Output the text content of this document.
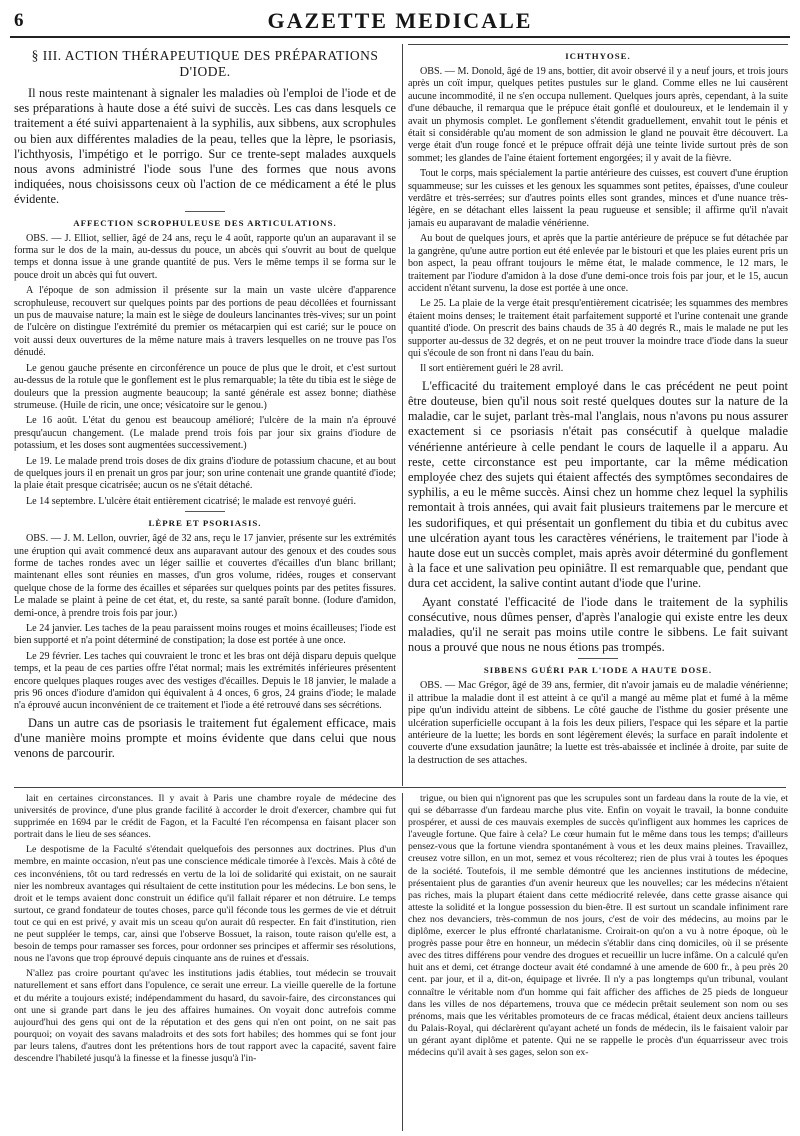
6	GAZETTE MEDICALE
§ III. ACTION THÉRAPEUTIQUE DES PRÉPARATIONS D'IODE.

Il nous reste maintenant à signaler les maladies où l'emploi de l'iode et de ses préparations à haute dose a été suivi de succès. Les cas dans lesquels ce traitement a été suivi appartenaient à la syphilis, aux sibbens, aux scrophules ou bien aux différentes maladies de la peau, telles que la lèpre, le psoriasis, l'ichthyosis, l'impétigo et le porrigo. Sur ce trente-sept malades auxquels nous avons administré l'iode sous l'une des formes que nous avons indiquées, nous choisissons ceux où l'action de ce médicament a été le plus évidente.

AFFECTION SCROPHULEUSE DES ARTICULATIONS.

OBS. — J. Elliot, sellier, âgé de 24 ans, reçu le 4 août, rapporte qu'un an auparavant il se forma sur le dos de la main, au-dessus du pouce, un abcès qui s'ouvrit au bout de quelque temps et donna issue à une grande quantité de pus. Vers le même temps il se forma sur le pouce droit un abcès qui fut ouvert.

A l'époque de son admission il présente sur la main un vaste ulcère d'apparence scrophuleuse, recouvert sur quelques points par des portions de peau décollées et fournissant un pus de mauvaise nature; la main est le siège de douleurs lancinantes très-vives; sur un point de l'ulcère on distingue l'extrémité du premier os métacarpien qui est carié; sur le pouce on voit aussi deux ouvertures de la même nature mais à travers lesquelles on ne trouve pas l'os dénudé.

Le genou gauche présente en circonférence un pouce de plus que le droit, et c'est surtout au-dessus de la rotule que le gonflement est le plus remarquable; la tête du tibia est le siège de douleurs que la pression augmente beaucoup; la santé générale est assez bonne; diathèse strumeuse. (Huile de ricin, une once; vésicatoire sur le genou.)

Le 16 août. L'état du genou est beaucoup amélioré; l'ulcère de la main n'a éprouvé presqu'aucun changement. (Le malade prend trois fois par jour six grains d'iodure de potassium, et les doses sont augmentées successivement.)

Le 19. Le malade prend trois doses de dix grains d'iodure de potassium chacune, et au bout de quelques jours il en prenait un gros par jour; son urine contenait une grande quantité d'iode; la plaie était presque cicatrisée; aucun os ne s'était détaché.

Le 14 septembre. L'ulcère était entièrement cicatrisé; le malade est renvoyé guéri.

LÈPRE ET PSORIASIS.

OBS. — J. M. Lellon, ouvrier, âgé de 32 ans, reçu le 17 janvier, présente sur les extrémités une éruption qui avait commencé deux ans auparavant autour des genoux et des coudes sous forme de taches rondes avec un léger saillie et couvertes d'écailles d'un blanc brillant; maintenant elles sont réunies en masses, d'un gros volume, ridées, rouges et conservant quelque chose de la forme des écailles et séparées sur quelques points par des petites fissures. Le malade se plaint à peine de cet état, et, du reste, sa santé paraît bonne. (Iodure d'amidon, demi-once, à prendre trois fois par jour.)

Le 24 janvier. Les taches de la peau paraissent moins rouges et moins écailleuses; l'iode est bien supporté et n'a point déterminé de constipation; la dose est portée à une once.

Le 29 février. Les taches qui couvraient le tronc et les bras ont déjà disparu depuis quelque temps, et la peau de ces parties offre l'état normal; mais les extrémités inférieures présentent encore quelques plaques rouges avec des vestiges d'écailles. Depuis le 18 janvier, le malade a pris 96 onces d'iodure d'amidon qui équivalent à 4 onces, 6 gros, 24 grains d'iode; le malade n'a éprouvé aucun inconvénient de ce traitement et l'iode a été retrouvé dans ses sécrétions.

Dans un autre cas de psoriasis le traitement fut également efficace, mais d'une manière moins prompte et moins évidente que dans celui que nous venons de parcourir.

ICHTHYOSE.

OBS. — M. Donold, âgé de 19 ans, bottier, dit avoir observé il y a neuf jours, et trois jours après un coït impur, quelques petites pustules sur le gland. Comme elles ne lui causèrent aucune incommodité, il ne s'en occupa nullement. Quelques jours après, cependant, à la suite d'une débauche, il remarqua que le prépuce était gonflé et douloureux, et le lendemain il y avait un phymosis complet. Le gonflement s'étendit graduellement, envahit tout le pénis et était si considérable qu'au moment de son admission le gland ne pouvait être découvert. La verge était d'un rouge foncé et le prépuce offrait déjà une teinte livide surtout près de son sommet; les glandes de l'aine étaient fortement engorgées; il y avait de la fièvre.

Tout le corps, mais spécialement la partie antérieure des cuisses, est couvert d'une éruption squammeuse; sur les cuisses et les genoux les squammes sont petites, épaisses, d'une couleur verdâtre et très-serrées; sur d'autres points elles sont grandes, minces et d'une nuance très-légère, en se détachant elles laissent la peau rugueuse et sensible; il affirme qu'il n'avait jamais eu auparavant de maladie vénérienne.

Au bout de quelques jours, et après que la partie antérieure de prépuce se fut détachée par la gangrène, qu'une autre portion eut été enlevée par le bistouri et que les plaies eurent pris un bon aspect, la peau offrant toujours le même état, le malade commence, le 12 mars, le traitement par l'iodure d'amidon à la dose d'une demi-once trois fois par jour, et le 15, aucun accident n'étant survenu, la dose est portée à une once.

Le 25. La plaie de la verge était presqu'entièrement cicatrisée; les squammes des membres étaient moins denses; le traitement était parfaitement supporté et l'urine contenait une grande quantité d'iode. On prescrit des bains chauds de 35 à 40 degrés R., mais le malade ne put les supporter au-dessus de 32 degrés, et on ne peut trouver la moindre trace d'iode dans la sueur qui s'écoule de son front ni dans l'eau du bain.

Il sort entièrement guéri le 28 avril.

L'efficacité du traitement employé dans le cas précédent ne peut point être douteuse, bien qu'il nous soit resté quelques doutes sur la nature de la maladie, car le sujet, parlant très-mal l'anglais, nous n'avons pu nous assurer exactement si ce psoriasis n'était pas consécutif à quelque maladie vénérienne antérieure à celle pendant le cours de laquelle il a apparu. Au reste, cette circonstance est peu importante, car la même médication employée chez des sujets qui étaient affectés des symptômes secondaires de syphilis, a eu le même succès. Ainsi chez un homme chez lequel la syphilis remontait à trois années, qui avait fait plusieurs traitemens par le mercure et les sudorifiques, et qui présentait un gonflement du tibia et du cubitus avec une ulcération ayant tous les caractères vénériens, le traitement par l'iode à haute dose eut un succès complet, mais après avoir déterminé du gonflement à la face et une salivation peu opiniâtre. Il est remarquable que, pendant que dura cet accident, la salive contint autant d'iode que l'urine.

Ayant constaté l'efficacité de l'iode dans le traitement de la syphilis consécutive, nous dûmes penser, d'après l'analogie qui existe entre les deux maladies, qu'il ne serait pas moins utile contre le sibbens. Le fait suivant nous a prouvé que nous ne nous étions pas trompés.

SIBBENS GUÉRI PAR L'IODE A HAUTE DOSE.

OBS. — Mac Grégor, âgé de 39 ans, fermier, dit n'avoir jamais eu de maladie vénérienne; il attribue la maladie dont il est atteint à ce qu'il a mangé au même plat et fumé à la même pipe qu'un individu atteint de sibbens. Le côté gauche de l'isthme du gosier présente une ulcération superficielle occupant à la fois les deux piliers, l'espace qui les sépare et la partie antérieure de la luette; les bords en sont légèrement élevés; la surface en paraît indolente et couverte d'une exsudation jaunâtre; la luette est très-abaissée et inclinée à droite, par suite de la destruction de ses attaches.

lait en certaines circonstances. Il y avait à Paris une chambre royale de médecine des universités de province, d'une plus grande facilité à accorder le droit d'exercer, chambre qui fut supprimée en 1694 par le crédit de Fagon, et la Faculté l'en récompensa en faisant placer son portrait dans le lieu de ses séances.

Le despotisme de la Faculté s'étendait quelquefois des personnes aux doctrines. Plus d'un membre, en mainte occasion, n'eut pas une conscience médicale timorée à l'excès. Mais à côté de ces inconvéniens, tôt ou tard redressés en vertu de la loi de solidarité qui existait, on ne saurait nier les nombreux avantages qui résultaient de cette institution pour les médecins. Le bon sens, le droit et le temps avaient donc construit un édifice qu'il fallait réparer et non détruire. Le temps surtout, ce grand fondateur de toutes choses, parce qu'il féconde tous les germes de vie et détruit tout ce qui en est privé, y avait mis un sceau qu'on aurait dû respecter. En fait d'institution, rien ne peut suppléer le temps, car, ainsi que l'observe Bossuet, la raison, toute raison qu'elle est, a besoin de temps pour ramasser ses forces, pour ordonner ses principes et affermir ses résolutions, nous ne l'avons que trop éprouvé depuis cinquante ans de ruines et d'essais.

N'allez pas croire pourtant qu'avec les institutions jadis établies, tout médecin se trouvait naturellement et sans effort dans l'opulence, ce serait une erreur. La vieille querelle de la fortune et du mérite a toujours existé; indépendamment du hasard, du savoir-faire, des circonstances qui ont une si grande part dans le jeu des affaires humaines. On voyait donc autrefois comme aujourd'hui des gens qui ont de la réputation et des gens qui n'en ont point, on ne sait pas pourquoi; on voyait des savans maladroits et des sots fort habiles; des hommes qui se font jour par leurs talens, d'autres dont les prétentions hors de tout rapport avec la capacité, savent faire descendre l'habileté jusqu'à la finesse et la finesse jusqu'à l'in-

trigue, ou bien qui n'ignorent pas que les scrupules sont un fardeau dans la route de la vie, et qui se débarrasse d'un fardeau marche plus vite. Enfin on voyait le travail, la bonne conduite prospérer, et aussi de ces mauvais exemples de succès qu'infligent aux hommes les caprices de l'aveugle fortune. Que faire à cela? Le cœur humain fut le même dans tous les temps; d'ailleurs pensez-vous que la fortune viendra spontanément à vous et les deux mains pleines. Travaillez, creusez votre sillon, en un mot, semez et vous récolterez; rien de plus vrai à toutes les époques de la société. Toutefois, il me semble démontré que les anciennes institutions de médecine, présentaient plus de garanties d'un avenir heureux que les nouvelles; car les médecins n'étaient pas riches, mais la plupart étaient dans cette médiocrité relevée, dans cette grasse aisance qui atteste la solidité et la longue possession du bien-être. Il est surtout un scandale infiniment rare chez nos devanciers, très-commun de nos jours, c'est de voir des médecins, au moins par le diplôme, exercer le plus effronté charlatanisme. Croirait-on qu'on a vu à notre époque, où le progrès passe pour être en honneur, un médecin s'établir dans cinq domiciles, où il se présente avec des titres différens pour vendre des drogues et recueillir un lucre infâme. On a calculé qu'en huit ans et demi, cet étrange docteur avait été condamné à une amende de 600 fr., à peu près 20 cent. par jour, et il a, dit-on, équipage et livrée. Il n'y a pas longtemps qu'un tribunal, voulant connaître le véritable nom d'un homme qui fait afficher des affiches de 25 pieds de longueur dans les villes de nos départemens, trouva que ce médecin prêtait seulement son nom ou ses prénoms, mais que les véritables promoteurs de ce fracas médical, étaient deux anciens tailleurs du Palais-Royal, qui déclarèrent qu'ayant acheté un fonds de médecin, ils le faisaient valoir par un gérant ayant diplôme et patente. Qui ne se rappelle le procès d'un équarrisseur avec trois médecins qu'il avait à ses gages, selon son ex-
